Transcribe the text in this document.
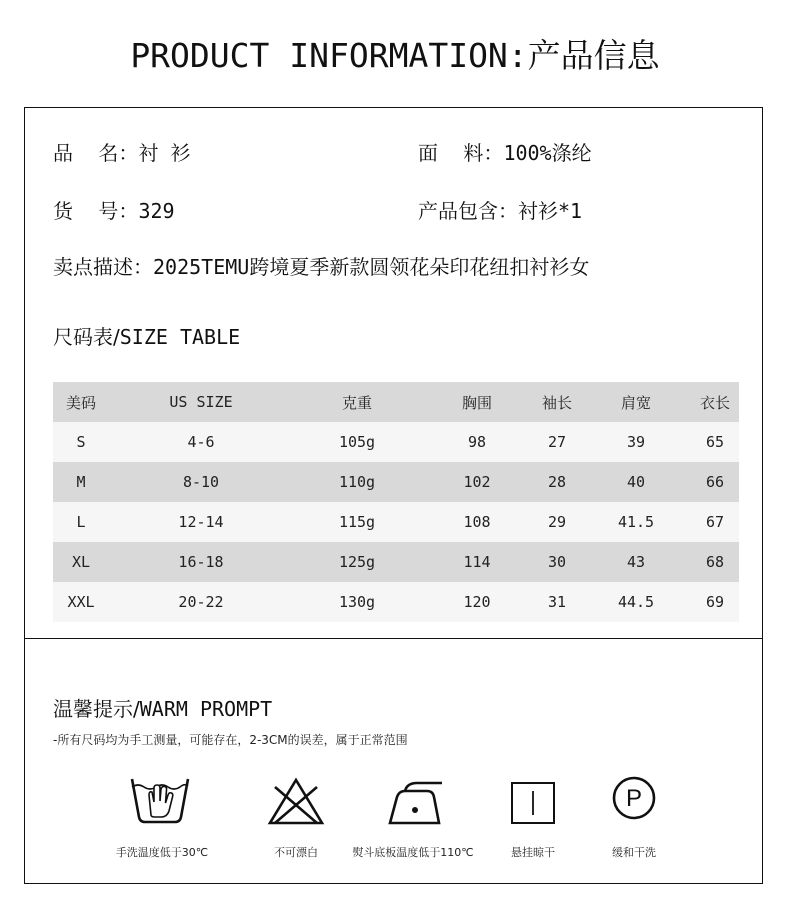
PRODUCT INFORMATION:产品信息
品    名：衬 衫	面    料：100%涤纶
货    号：329	产品包含：衬衫*1
卖点描述：2025TEMU跨境夏季新款圆领花朵印花纽扣衬衫女
尺码表/SIZE TABLE
美码	US SIZE	克重	胸围	袖长	肩宽	衣长
S	4-6	105g	98	27	39	65
M	8-10	110g	102	28	40	66
L	12-14	115g	108	29	41.5	67
XL	16-18	125g	114	30	43	68
XXL	20-22	130g	120	31	44.5	69
温馨提示/WARM PROMPT
-所有尺码均为手工测量，可能存在，2-3CM的误差，属于正常范围
P
手洗温度低于30℃	不可漂白	熨斗底板温度低于110℃	悬挂晾干	缓和干洗
